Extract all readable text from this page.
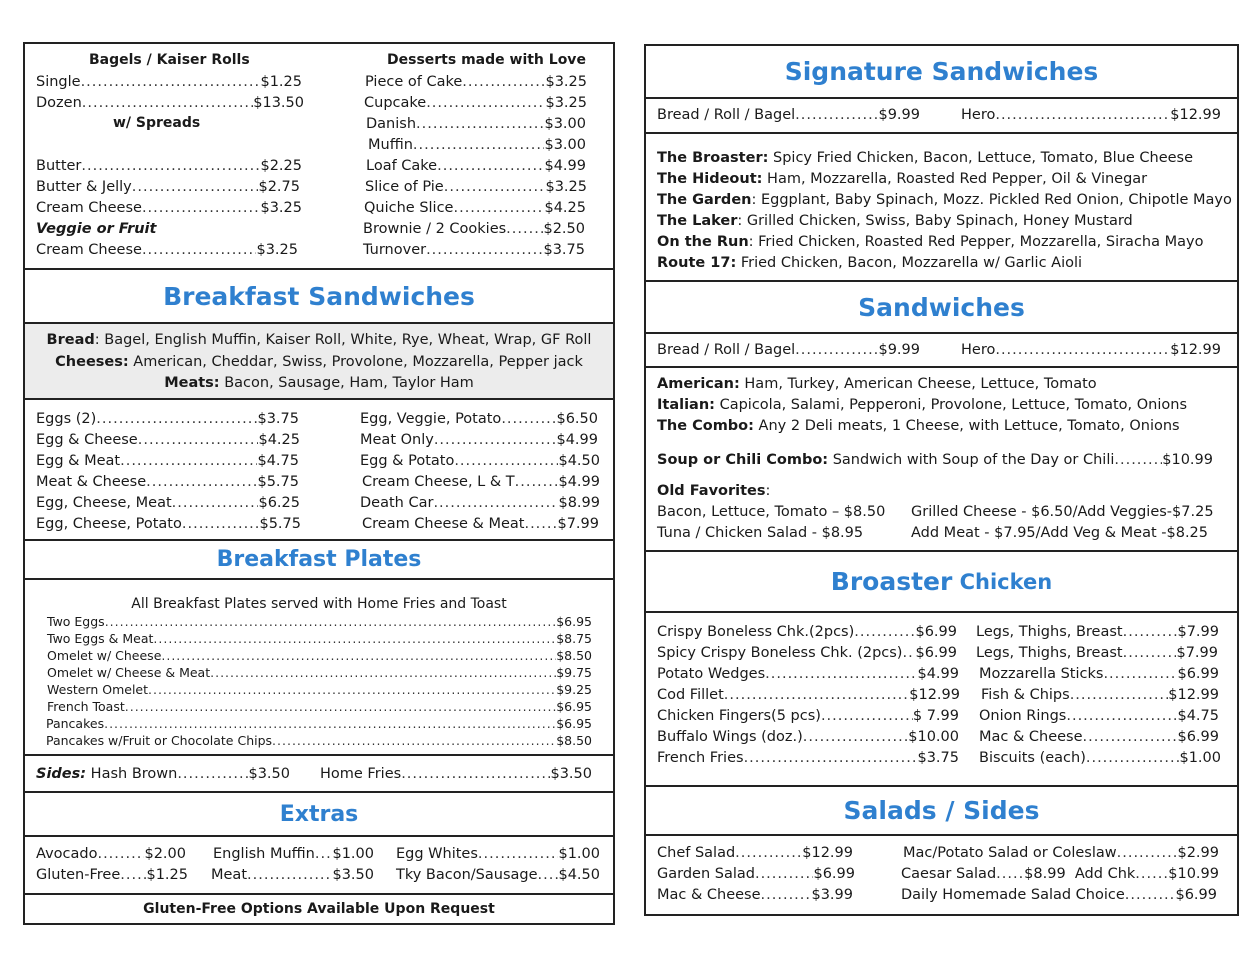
Bagels / Kaiser Rolls
Single .....	$1.25
Dozen .....	$13.50
w/ Spreads
Butter .....	$2.25
Butter & Jelly .....	$2.75
Cream Cheese .....	$3.25
Veggie or Fruit
Cream Cheese .....	$3.25
Desserts made with Love
Piece of Cake .....	$3.25
Cupcake .....	$3.25
Danish .....	$3.00
Muffin .....	$3.00
Loaf Cake .....	$4.99
Slice of Pie .....	$3.25
Quiche Slice .....	$4.25
Brownie / 2 Cookies .....	$2.50
Turnover .....	$3.75
Breakfast Sandwiches
Bread: Bagel, English Muffin, Kaiser Roll, White, Rye, Wheat, Wrap, GF Roll
Cheeses: American, Cheddar, Swiss, Provolone, Mozzarella, Pepper jack
Meats: Bacon, Sausage, Ham, Taylor Ham
Eggs (2) .....	$3.75
Egg & Cheese .....	$4.25
Egg & Meat .....	$4.75
Meat & Cheese .....	$5.75
Egg, Cheese, Meat .....	$6.25
Egg, Cheese, Potato .....	$5.75
Egg, Veggie, Potato .....	$6.50
Meat Only .....	$4.99
Egg & Potato .....	$4.50
Cream Cheese, L & T .....	$4.99
Death Car .....	$8.99
Cream Cheese & Meat ..... $7.99
Breakfast Plates
All Breakfast Plates served with Home Fries and Toast
Two Eggs .....	$6.95
Two Eggs & Meat .....	$8.75
Omelet w/ Cheese .....	$8.50
Omelet w/ Cheese & Meat .....	$9.75
Western Omelet .....	$9.25
French Toast .....	$6.95
Pancakes .....	$6.95
Pancakes w/Fruit or Chocolate Chips .....	$8.50
Sides: Hash Brown .....	$3.50 Home Fries .....	$3.50
Extras
Avocado .....	$2.00
Gluten-Free ..... $1.25
English Muffin ..... $1.00
Meat .....	$3.50
Egg Whites .....	$1.00
Tky Bacon/Sausage ..... $4.50
Gluten-Free Options Available Upon Request
Signature Sandwiches
Bread / Roll / Bagel .....	$9.99	Hero .....	$12.99
The Broaster: Spicy Fried Chicken, Bacon, Lettuce, Tomato, Blue Cheese
The Hideout: Ham, Mozzarella, Roasted Red Pepper, Oil & Vinegar
The Garden: Eggplant, Baby Spinach, Mozz. Pickled Red Onion, Chipotle Mayo
The Laker: Grilled Chicken, Swiss, Baby Spinach, Honey Mustard
On the Run: Fried Chicken, Roasted Red Pepper, Mozzarella, Siracha Mayo
Route 17: Fried Chicken, Bacon, Mozzarella w/ Garlic Aioli
Sandwiches
Bread / Roll / Bagel .....	$9.99	Hero .....	$12.99
American: Ham, Turkey, American Cheese, Lettuce, Tomato
Italian: Capicola, Salami, Pepperoni, Provolone, Lettuce, Tomato, Onions
The Combo: Any 2 Deli meats, 1 Cheese, with Lettuce, Tomato, Onions
Soup or Chili Combo: Sandwich with Soup of the Day or Chili .....	$10.99
Old Favorites:
Bacon, Lettuce, Tomato – $8.50
Tuna / Chicken Salad - $8.95
Grilled Cheese - $6.50/Add Veggies-$7.25
Add Meat - $7.95/Add Veg & Meat -$8.25
Broaster Chicken
Crispy Boneless Chk.(2pcs) .....	$6.99
Spicy Crispy Boneless Chk. (2pcs) ..... $6.99
Potato Wedges .....	$4.99
Cod Fillet .....	$12.99
Chicken Fingers(5 pcs) .....	$ 7.99
Buffalo Wings (doz.) .....	$10.00
French Fries .....	$3.75
Legs, Thighs, Breast .....	$7.99
Legs, Thighs, Breast .....	$7.99
Mozzarella Sticks .....	$6.99
Fish & Chips .....	$12.99
Onion Rings .....	$4.75
Mac & Cheese .....	$6.99
Biscuits (each) .....	$1.00
Salads / Sides
Chef Salad .....	$12.99
Garden Salad .....	$6.99
Mac & Cheese .....	$3.99
Mac/Potato Salad or Coleslaw .....	$2.99
Caesar Salad ..... $8.99  Add Chk ..... $10.99
Daily Homemade Salad Choice .....	$6.99
